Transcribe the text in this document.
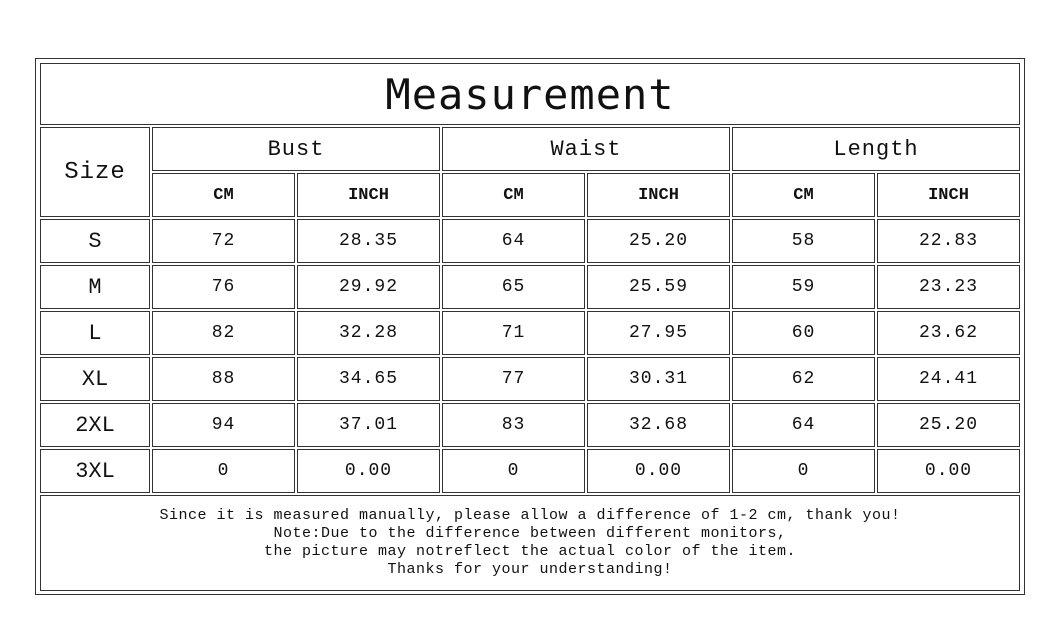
Measurement						
Size	Bust		Waist		Length	
	CM	INCH	CM	INCH	CM	INCH
S	72	28.35	64	25.20	58	22.83
M	76	29.92	65	25.59	59	23.23
L	82	32.28	71	27.95	60	23.62
XL	88	34.65	77	30.31	62	24.41
2XL	94	37.01	83	32.68	64	25.20
3XL	0	0.00	0	0.00	0	0.00

Since it is measured manually, please allow a difference of 1-2 cm, thank you!
Note:Due to the difference between different monitors,
the picture may notreflect the actual color of the item.
Thanks for your understanding!						
